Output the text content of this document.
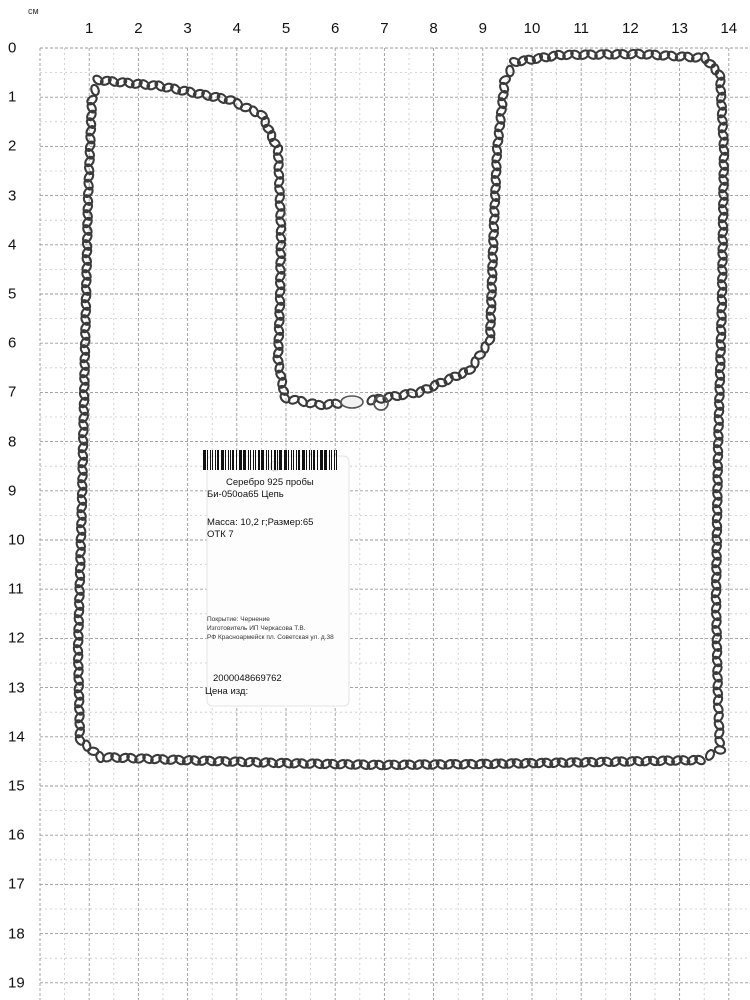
см
1	2	3	4	5	6	7	8	9 10 11 12 13 14
0
1
2
3
4
5
6
7
8
9
10
11
12
13
14
15
16
17
18
19
Серебро 925 пробы
Би-050оа65 Цепь
Масса: 10,2 г;Размер:65
ОТК 7
Покрытие: Чернение
Изготовитель ИП Черкасова Т.В.
РФ Красноармейск пл. Советская ул. д.38
2000048669762
Цена изд:
